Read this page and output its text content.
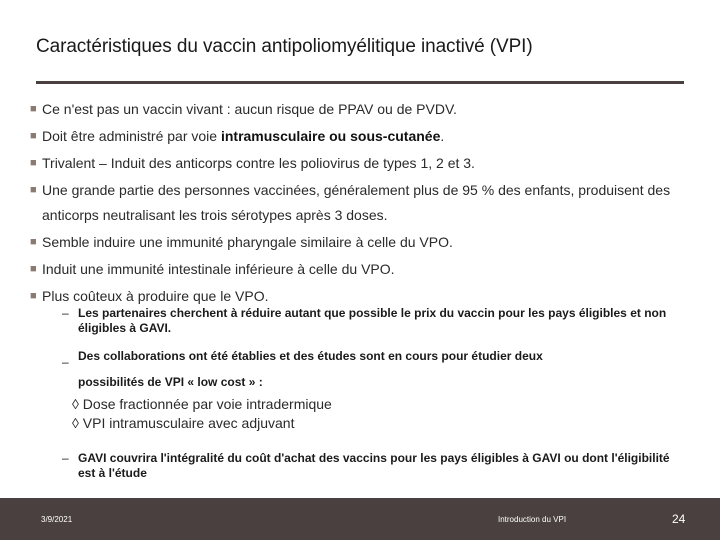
Caractéristiques du vaccin antipoliomyélitique inactivé (VPI)
■ Ce n'est pas un vaccin vivant : aucun risque de PPAV ou de PVDV.
■ Doit être administré par voie intramusculaire ou sous-cutanée.
■ Trivalent – Induit des anticorps contre les poliovirus de types 1, 2 et 3.
■ Une grande partie des personnes vaccinées, généralement plus de 95 % des enfants, produisent des anticorps neutralisant les trois sérotypes après 3 doses.
■ Semble induire une immunité pharyngale similaire à celle du VPO.
■ Induit une immunité intestinale inférieure à celle du VPO.
■ Plus coûteux à produire que le VPO.
– Les partenaires cherchent à réduire autant que possible le prix du vaccin pour les pays éligibles et non éligibles à GAVI.
– Des collaborations ont été établies et des études sont en cours pour étudier deux
possibilités de VPI « low cost » :
◊ Dose fractionnée par voie intradermique
◊ VPI intramusculaire avec adjuvant
– GAVI couvrira l'intégralité du coût d'achat des vaccins pour les pays éligibles à GAVI ou dont l'éligibilité est à l'étude
3/9/2021	Introduction du VPI	24
